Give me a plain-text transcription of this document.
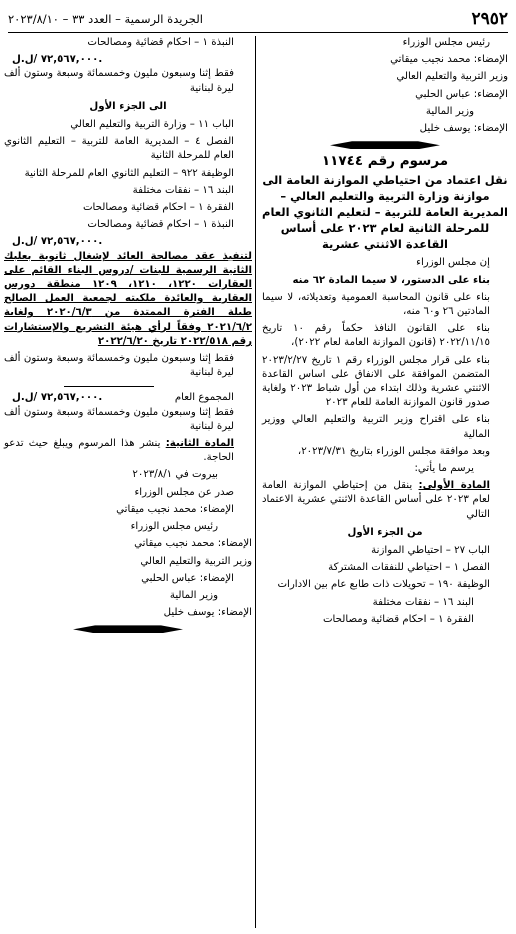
٢٩٥٢
الجريدة الرسمية – العدد ٣٣ – ٢٠٢٣/٨/١٠

رئيس مجلس الوزراء

الإمضاء: محمد نجيب ميقاتي

وزير التربية والتعليم العالي

الإمضاء: عباس الحلبي

وزير المالية

الإمضاء: يوسف خليل

مرسوم رقم ١١٧٤٤
نقل اعتماد من احتياطي الموازنة العامة الى موازنة وزارة التربية والتعليم العالي – المديرية العامة للتربية – لتعليم الثانوي العام للمرحلة الثانية لعام ٢٠٢٣ على أساس القاعدة الاثنتي عشرية

إن مجلس الوزراء

بناء على الدستور، لا سيما المادة ٦٢ منه

بناء على قانون المحاسبة العمومية وتعديلاته، لا سيما المادتين ٢٦ و٦٠ منه،

بناء على القانون النافذ حكماً رقم ١٠ تاريخ ٢٠٢٢/١١/١٥ (قانون الموازنة العامة لعام ٢٠٢٢)،

بناء على قرار مجلس الوزراء رقم ١ تاريخ ٢٠٢٣/٢/٢٧ المتضمن الموافقة على الانفاق على اساس القاعدة الاثنتي عشرية وذلك ابتداء من أول شباط ٢٠٢٣ ولغاية صدور قانون الموازنة العامة للعام ٢٠٢٣

بناء على اقتراح وزير التربية والتعليم العالي ووزير المالية

وبعد موافقة مجلس الوزراء بتاريخ ٢٠٢٣/٧/٣١،

يرسم ما يأتي:

المادة الأولى: ينقل من إحتياطي الموازنة العامة لعام ٢٠٢٣ على أساس القاعدة الاثنتي عشرية الاعتماد التالي

من الجزء الأول

الباب ٢٧ – احتياطي الموازنة

الفصل ١ – احتياطي للنفقات المشتركة

الوظيفة ١٩٠ – تحويلات ذات طابع عام بين الادارات

البند ١٦ – نفقات مختلفة

الفقرة ١ – احكام قضائية ومصالحات

النبذة ١ – احكام قضائية ومصالحات

٧٢,٥٦٧,٠٠٠ /ل.ل.

فقط إثنا وسبعون مليون وخمسمائة وسبعة وستون ألف ليرة لبنانية

الى الجزء الأول

الباب ١١ – وزارة التربية والتعليم العالي

الفصل ٤ – المديرية العامة للتربية – التعليم الثانوي العام للمرحلة الثانية

الوظيفة ٩٢٢ – التعليم الثانوي العام للمرحلة الثانية

البند ١٦ – نفقات مختلفة

الفقرة ١ – احكام قضائية ومصالحات

النبذة ١ – احكام قضائية ومصالحات

٧٢,٥٦٧,٠٠٠ /ل.ل.

لتنفيذ عقد مصالحة العائد لإشغال ثانوية بعلبك الثانية الرسمية للبنات /دروس البناء القائم على العقارات ١٢٢٠، ١٢١٠، ١٢٠٩ منطقة دورس العقارية والعائدة ملكيته لجمعية العمل الصالح طيلة الفترة الممتدة من ٢٠٢٠/٦/٣ ولغاية ٢٠٢١/٦/٢ وفقاً لرأي هيئة التشريع والإستشارات رقم ٢٠٢٢/٥١٨ تاريخ ٢٠٢٢/٦/٢٠

فقط إثنا وسبعون مليون وخمسمائة وسبعة وستون ألف ليرة لبنانية

المجموع العام
٧٢,٥٦٧,٠٠٠ /ل.ل.

فقط إثنا وسبعون مليون وخمسمائة وسبعة وستون ألف ليرة لبنانية

المادة الثانية: ينشر هذا المرسوم ويبلغ حيث تدعو الحاجة.

بيروت في ٢٠٢٣/٨/١

صدر عن مجلس الوزراء

الإمضاء: محمد نجيب ميقاتي

رئيس مجلس الوزراء

الإمضاء: محمد نجيب ميقاتي

وزير التربية والتعليم العالي

الإمضاء: عباس الحلبي

وزير المالية

الإمضاء: يوسف خليل
